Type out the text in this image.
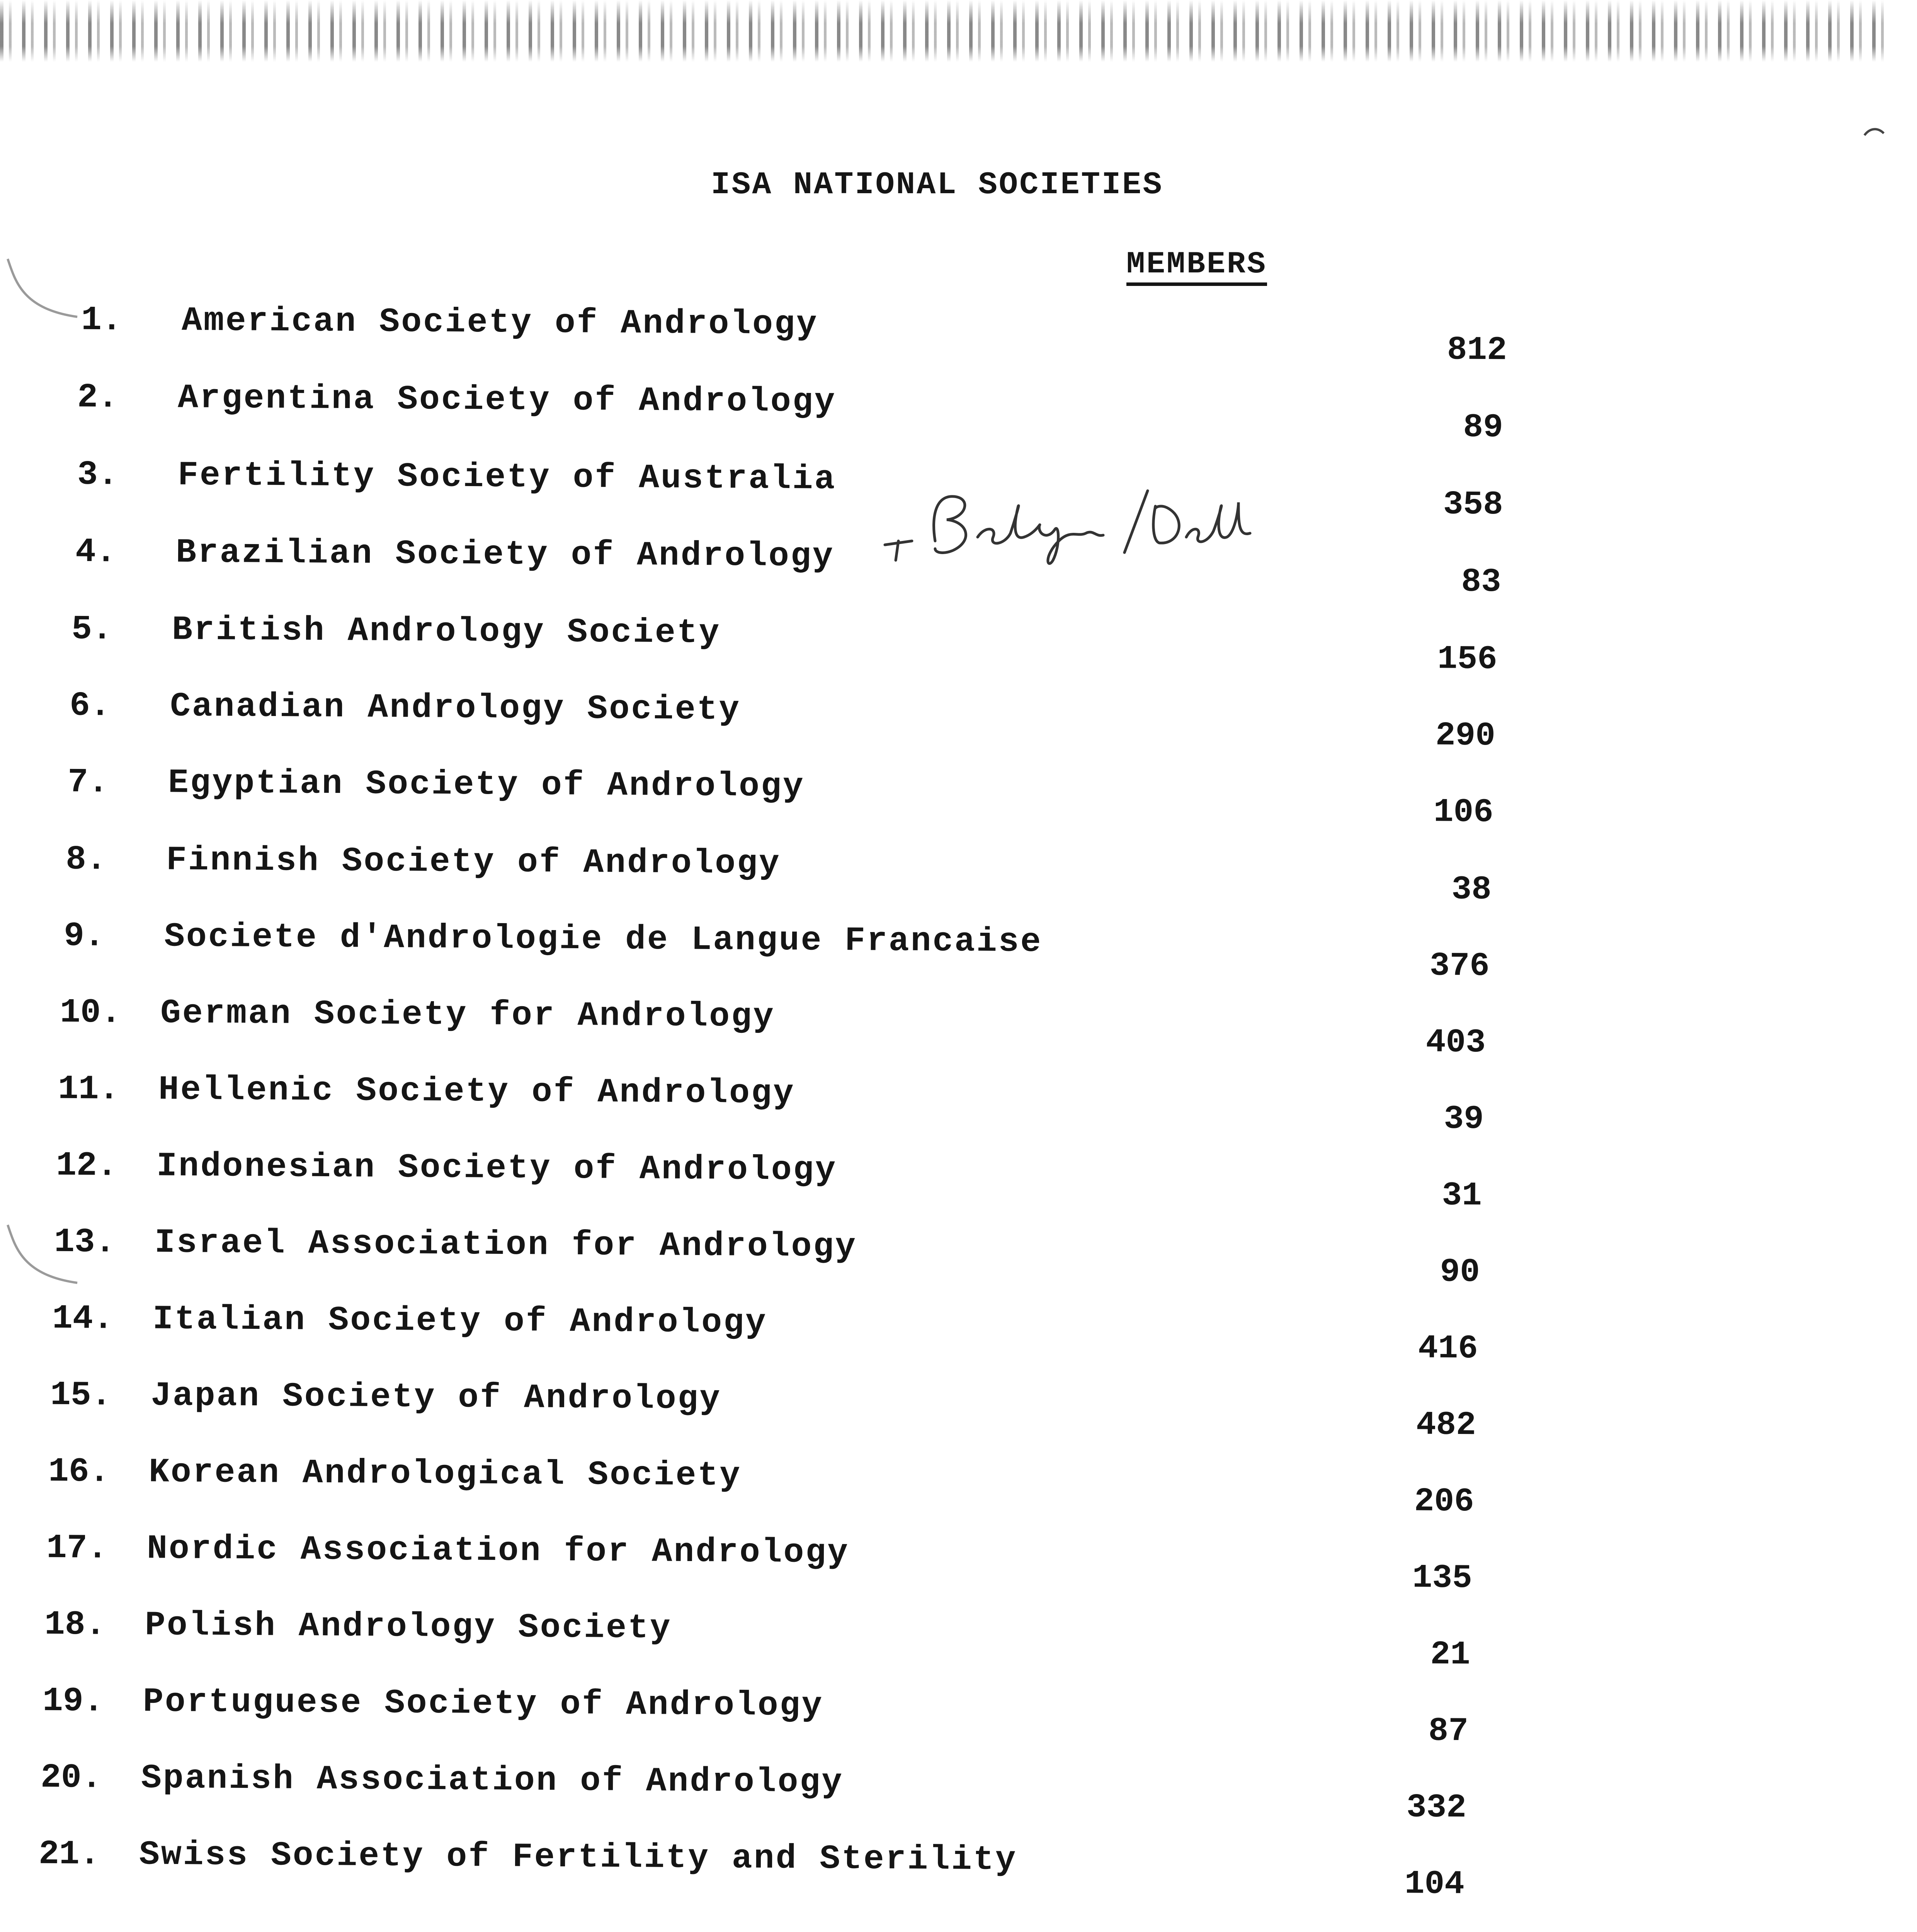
ISA NATIONAL SOCIETIES
MEMBERS
1. American Society of Andrology
812
2. Argentina Society of Andrology
89
3. Fertility Society of Australia
358
4. Brazilian Society of Andrology
83
5. British Andrology Society
156
6. Canadian Andrology Society
290
7. Egyptian Society of Andrology
106
8. Finnish Society of Andrology
38
9. Societe d'Andrologie de Langue Francaise
376
10. German Society for Andrology
403
11. Hellenic Society of Andrology
39
12. Indonesian Society of Andrology
31
13. Israel Association for Andrology
90
14. Italian Society of Andrology
416
15. Japan Society of Andrology
482
16. Korean Andrological Society
206
17. Nordic Association for Andrology
135
18. Polish Andrology Society
21
19. Portuguese Society of Andrology
87
20. Spanish Association of Andrology
332
21. Swiss Society of Fertility and Sterility
104
